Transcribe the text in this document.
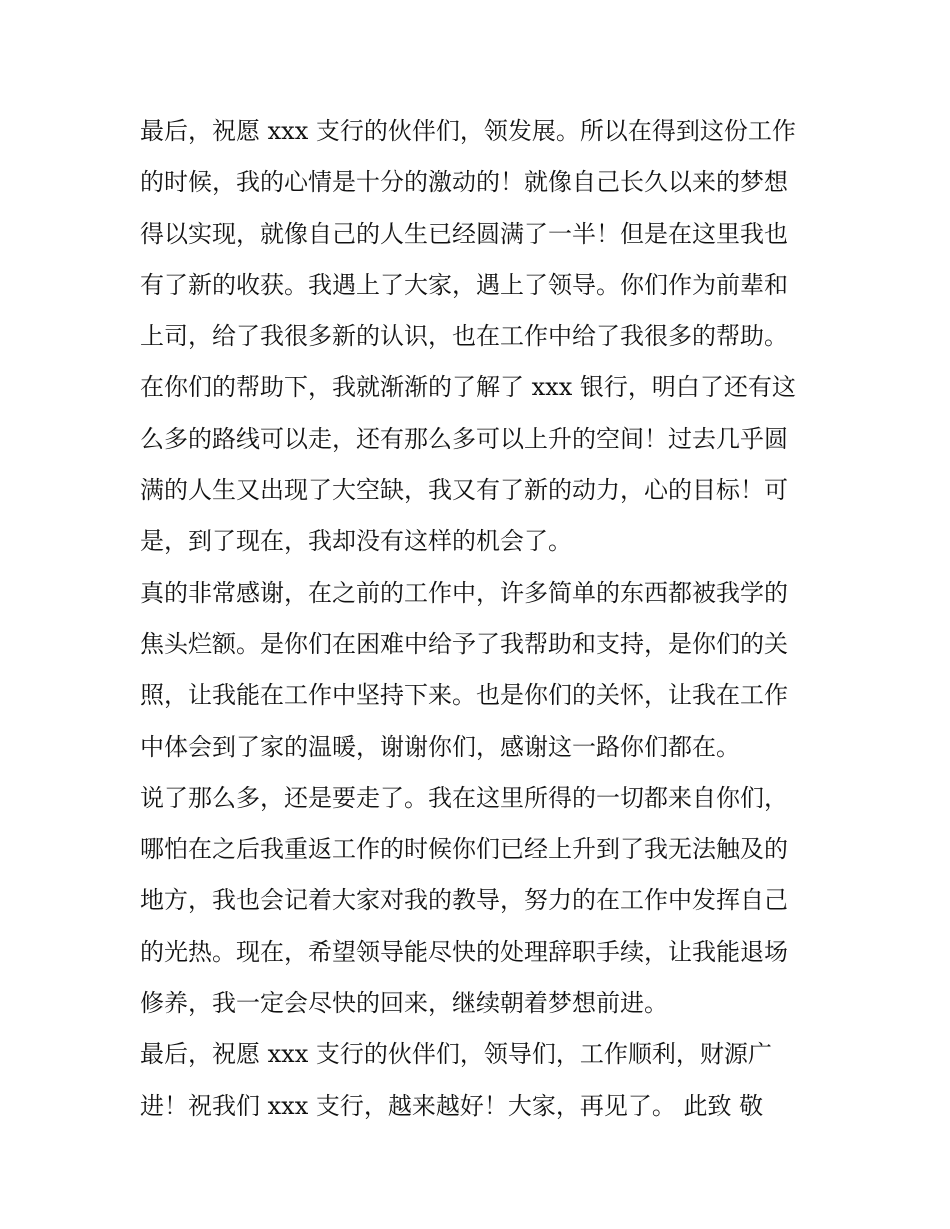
最后，祝愿 xxx 支行的伙伴们，领发展。所以在得到这份工作
的时候，我的心情是十分的激动的！就像自己长久以来的梦想
得以实现，就像自己的人生已经圆满了一半！但是在这里我也
有了新的收获。我遇上了大家，遇上了领导。你们作为前辈和
上司，给了我很多新的认识，也在工作中给了我很多的帮助。
在你们的帮助下，我就渐渐的了解了 xxx 银行，明白了还有这
么多的路线可以走，还有那么多可以上升的空间！过去几乎圆
满的人生又出现了大空缺，我又有了新的动力，心的目标！可
是，到了现在，我却没有这样的机会了。
真的非常感谢，在之前的工作中，许多简单的东西都被我学的
焦头烂额。是你们在困难中给予了我帮助和支持，是你们的关
照，让我能在工作中坚持下来。也是你们的关怀，让我在工作
中体会到了家的温暖，谢谢你们，感谢这一路你们都在。
说了那么多，还是要走了。我在这里所得的一切都来自你们，
哪怕在之后我重返工作的时候你们已经上升到了我无法触及的
地方，我也会记着大家对我的教导，努力的在工作中发挥自己
的光热。现在，希望领导能尽快的处理辞职手续，让我能退场
修养，我一定会尽快的回来，继续朝着梦想前进。
最后，祝愿 xxx 支行的伙伴们，领导们，工作顺利，财源广
进！祝我们 xxx 支行，越来越好！大家，再见了。 此致 敬
